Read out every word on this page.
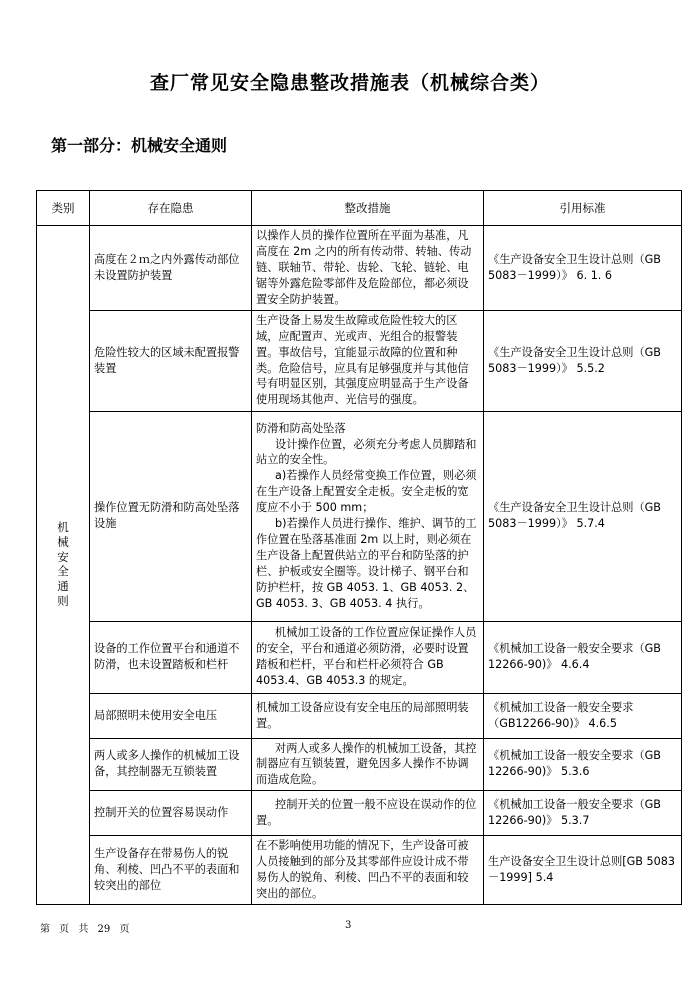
查厂常见安全隐患整改措施表（机械综合类）
第一部分：机械安全通则
类别	存在隐患	整改措施	引用标准
机械安全通则	高度在２ｍ之内外露传动部位未设置防护装置	以操作人员的操作位置所在平面为基准，凡高度在 2m 之内的所有传动带、转轴、传动链、联轴节、带轮、齿轮、飞轮、链轮、电锯等外露危险零部件及危险部位，都必须设置安全防护装置。	《生产设备安全卫生设计总则（GB 5083－1999）》 6. 1. 6
	危险性较大的区域未配置报警装置	生产设备上易发生故障或危险性较大的区域，应配置声、光或声、光组合的报警装置。事故信号，宜能显示故障的位置和种类。危险信号，应具有足够强度并与其他信号有明显区别，其强度应明显高于生产设备使用现场其他声、光信号的强度。	《生产设备安全卫生设计总则（GB 5083－1999）》 5.5.2
	操作位置无防滑和防高处坠落设施	防滑和防高处坠落
设计操作位置，必须充分考虑人员脚踏和站立的安全性。
a)若操作人员经常变换工作位置，则必须在生产设备上配置安全走板。安全走板的宽度应不小于 500 mm；
b)若操作人员进行操作、维护、调节的工作位置在坠落基准面 2m 以上时，则必须在生产设备上配置供站立的平台和防坠落的护栏、护板或安全圈等。设计梯子、钢平台和防护栏杆，按 GB 4053. 1、GB 4053. 2、GB 4053. 3、GB 4053. 4 执行。	《生产设备安全卫生设计总则（GB 5083－1999）》 5.7.4
	设备的工作位置平台和通道不防滑，也未设置踏板和栏杆	机械加工设备的工作位置应保证操作人员的安全，平台和通道必须防滑，必要时设置踏板和栏杆，平台和栏杆必须符合 GB 4053.4、GB 4053.3 的规定。	《机械加工设备一般安全要求（GB 12266-90)》 4.6.4
	局部照明未使用安全电压	机械加工设备应设有安全电压的局部照明装置。	《机械加工设备一般安全要求（GB12266-90)》 4.6.5
	两人或多人操作的机械加工设备，其控制器无互锁装置	对两人或多人操作的机械加工设备，其控制器应有互锁装置，避免因多人操作不协调而造成危险。	《机械加工设备一般安全要求（GB 12266-90)》 5.3.6
	控制开关的位置容易误动作	控制开关的位置一般不应设在误动作的位置。	《机械加工设备一般安全要求（GB 12266-90)》 5.3.7
	生产设备存在带易伤人的锐角、利棱、凹凸不平的表面和较突出的部位	在不影响使用功能的情况下，生产设备可被人员接触到的部分及其零部件应设计成不带易伤人的锐角、利棱、凹凸不平的表面和较突出的部位。	生产设备安全卫生设计总则[GB 5083 －1999] 5.4
第 页 共 29 页	3
